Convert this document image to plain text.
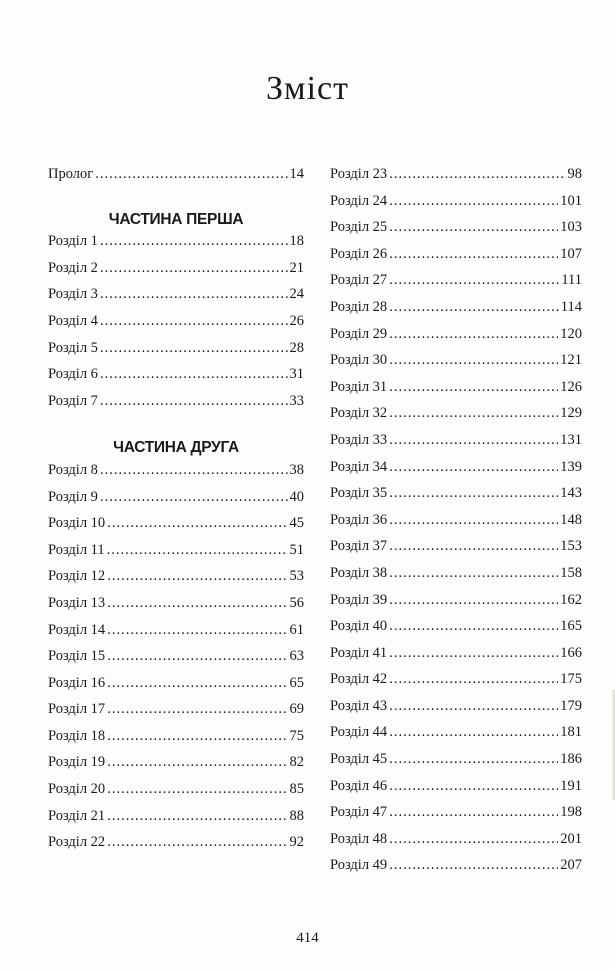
Зміст
Пролог .....	14
ЧАСТИНА ПЕРША
Розділ 1 .....	18
Розділ 2 .....	21
Розділ 3 .....	24
Розділ 4 .....	26
Розділ 5 .....	28
Розділ 6 .....	31
Розділ 7 .....	33
ЧАСТИНА ДРУГА
Розділ 8 .....	38
Розділ 9 .....	40
Розділ 10 .....	45
Розділ 11 .....	51
Розділ 12 .....	53
Розділ 13 .....	56
Розділ 14 .....	61
Розділ 15 .....	63
Розділ 16 .....	65
Розділ 17 .....	69
Розділ 18 .....	75
Розділ 19 .....	82
Розділ 20 .....	85
Розділ 21 .....	88
Розділ 22 .....	92
Розділ 23 .....	98
Розділ 24 .....	101
Розділ 25 .....	103
Розділ 26 .....	107
Розділ 27 .....	111
Розділ 28 .....	114
Розділ 29 .....	120
Розділ 30 .....	121
Розділ 31 .....	126
Розділ 32 .....	129
Розділ 33 .....	131
Розділ 34 .....	139
Розділ 35 .....	143
Розділ 36 .....	148
Розділ 37 .....	153
Розділ 38 .....	158
Розділ 39 .....	162
Розділ 40 .....	165
Розділ 41 .....	166
Розділ 42 .....	175
Розділ 43 .....	179
Розділ 44 .....	181
Розділ 45 .....	186
Розділ 46 .....	191
Розділ 47 .....	198
Розділ 48 .....	201
Розділ 49 .....	207
414
